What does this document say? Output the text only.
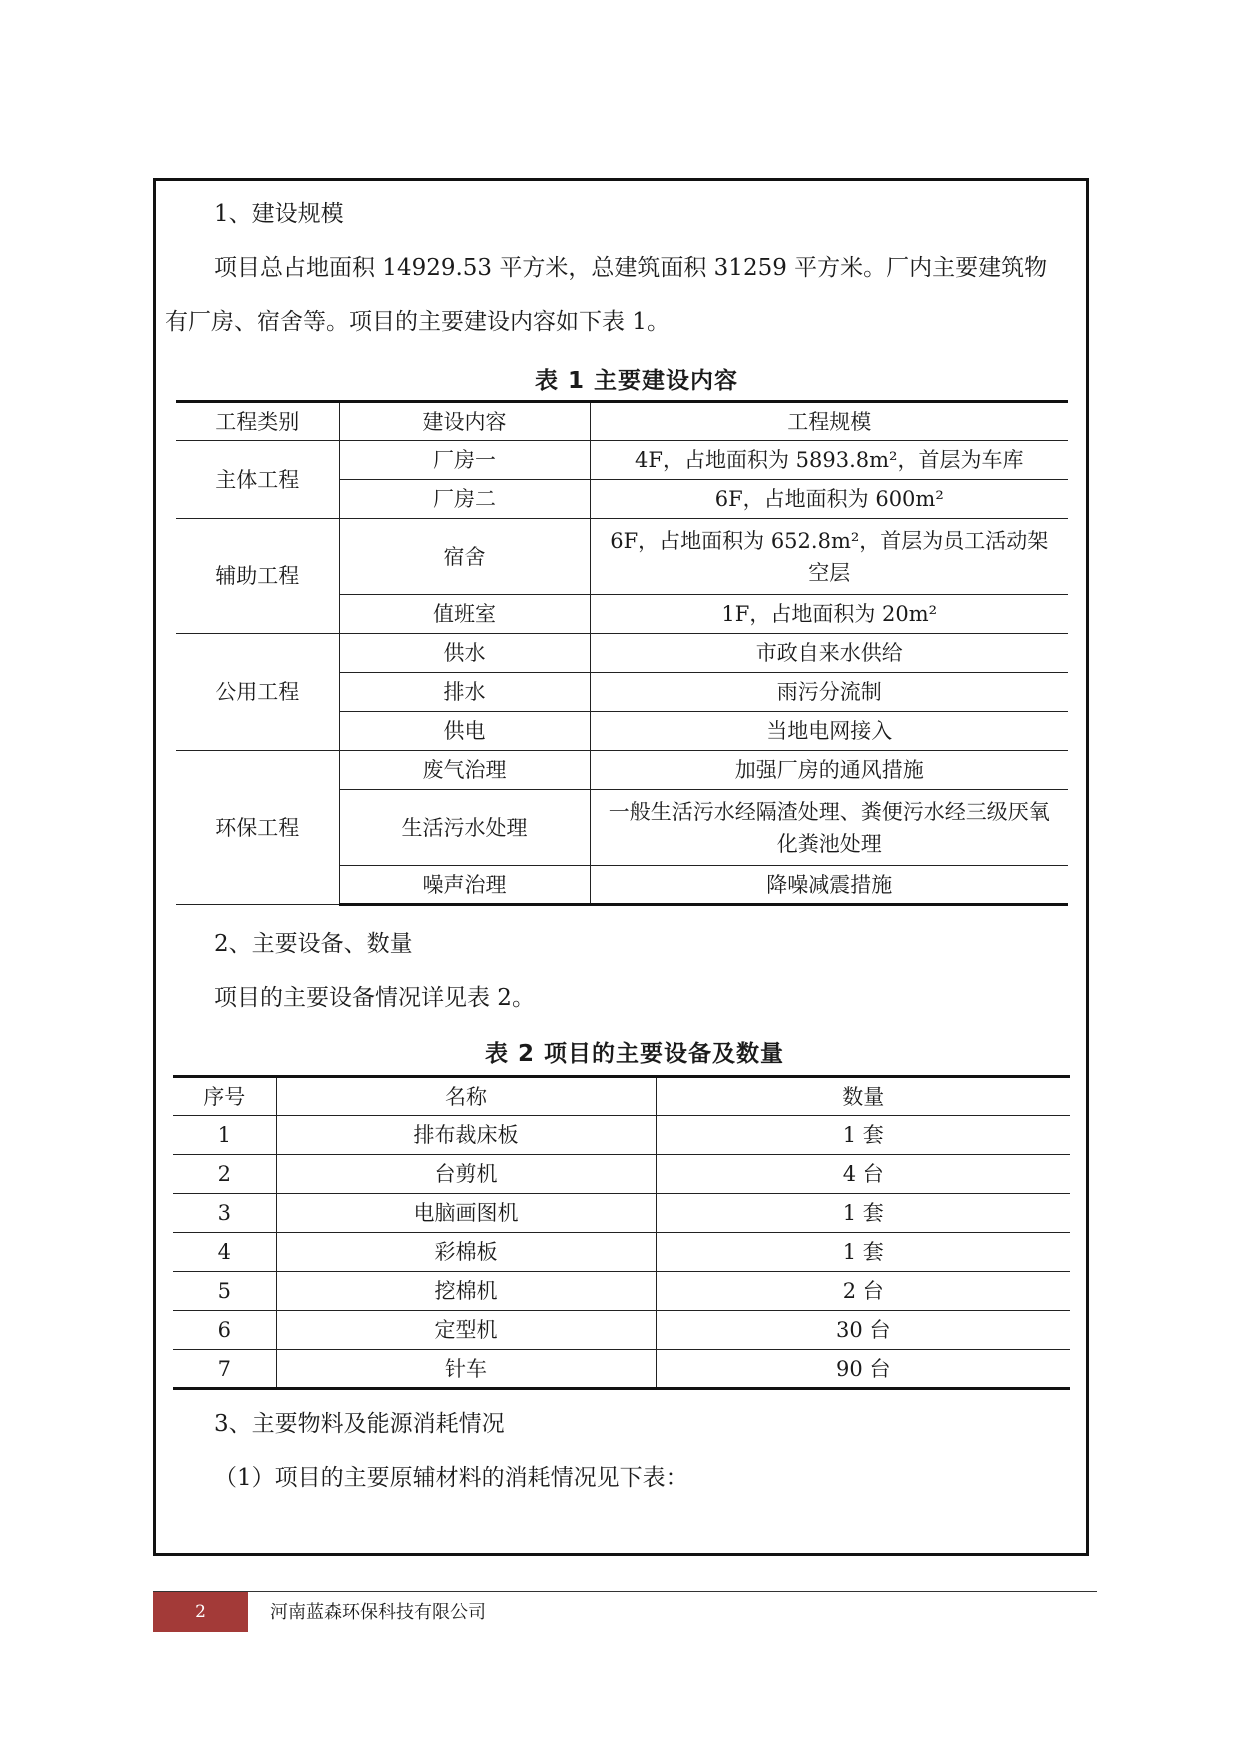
1、建设规模
项目总占地面积 14929.53 平方米，总建筑面积 31259 平方米。厂内主要建筑物
有厂房、宿舍等。项目的主要建设内容如下表 1。
表 1 主要建设内容
工程类别	建设内容	工程规模
主体工程	厂房一	4F，占地面积为 5893.8m²，首层为车库
	厂房二	6F，占地面积为 600m²
辅助工程	宿舍	6F，占地面积为 652.8m²，首层为员工活动架空层
	值班室	1F，占地面积为 20m²
公用工程	供水	市政自来水供给
	排水	雨污分流制
	供电	当地电网接入
环保工程	废气治理	加强厂房的通风措施
	生活污水处理	一般生活污水经隔渣处理、粪便污水经三级厌氧化粪池处理
	噪声治理	降噪减震措施
2、主要设备、数量
项目的主要设备情况详见表 2。
表 2 项目的主要设备及数量
序号	名称	数量
1	排布裁床板	1 套
2	台剪机	4 台
3	电脑画图机	1 套
4	彩棉板	1 套
5	挖棉机	2 台
6	定型机	30 台
7	针车	90 台
3、主要物料及能源消耗情况
（1）项目的主要原辅材料的消耗情况见下表：
2	河南蓝森环保科技有限公司
